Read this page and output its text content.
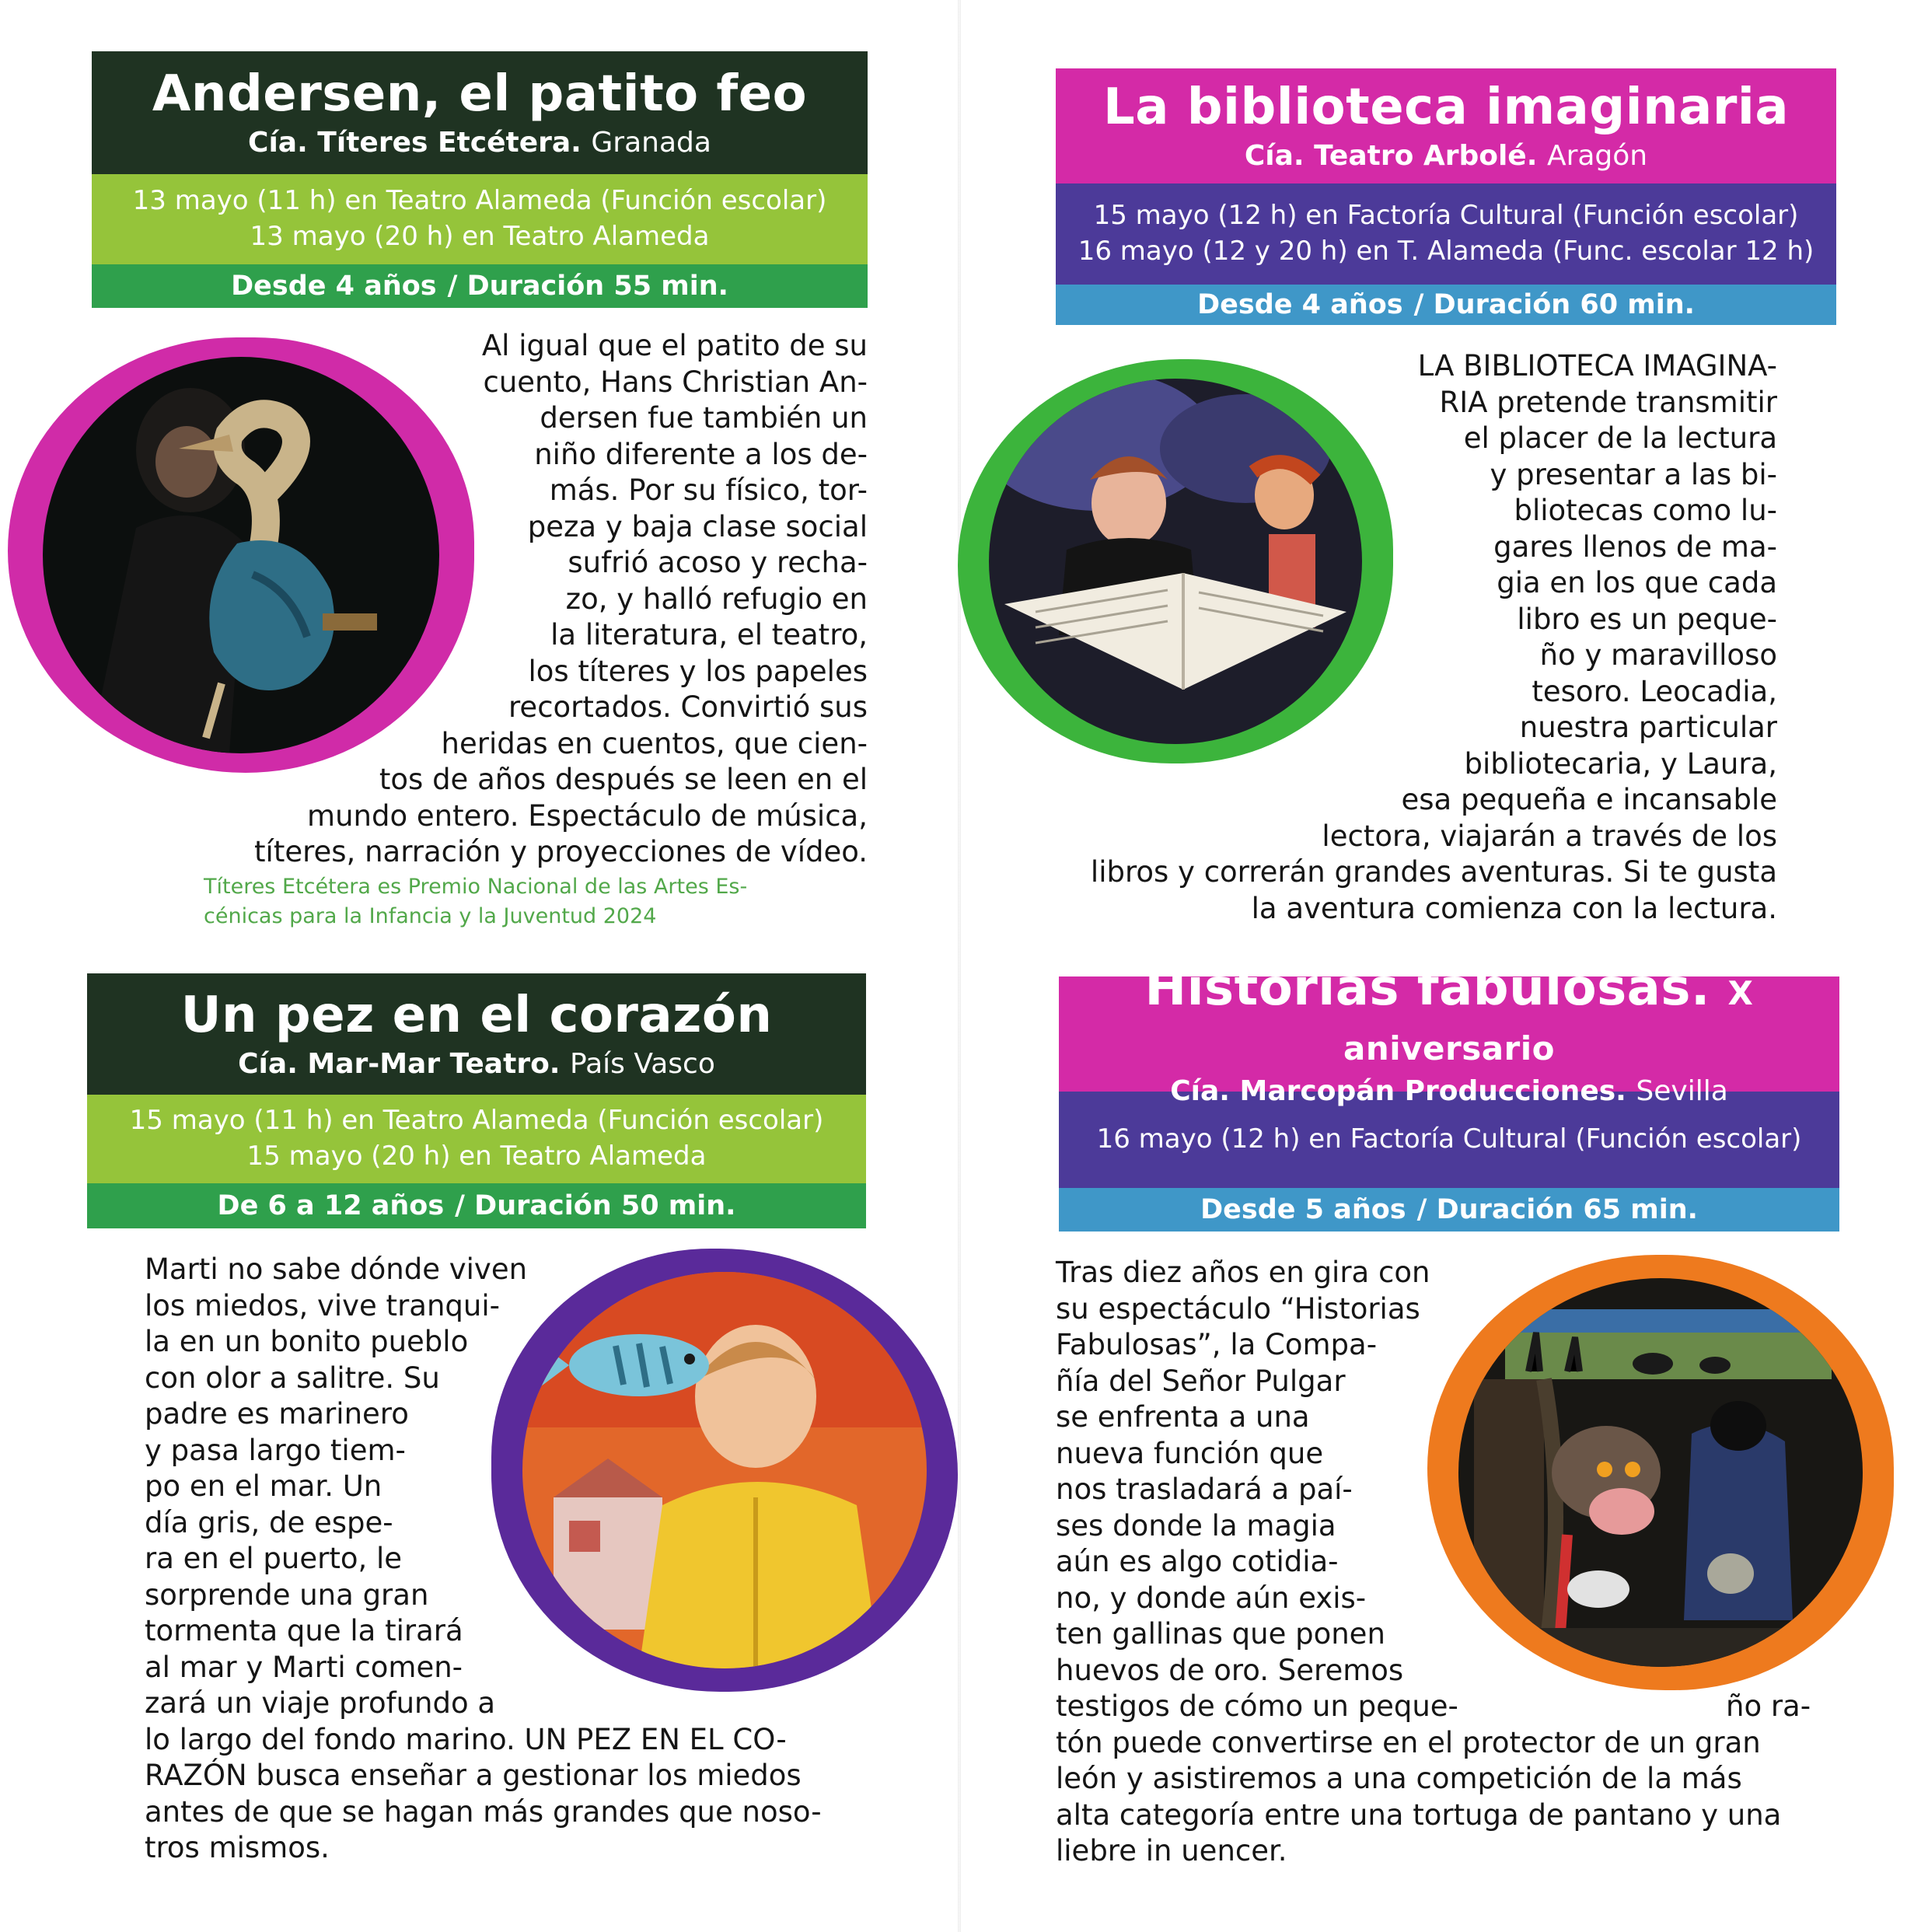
Andersen, el patito feo
Cía. Títeres Etcétera. Granada
13 mayo (11 h) en Teatro Alameda (Función escolar)
13 mayo (20 h) en Teatro Alameda
Desde 4 años / Duración 55 min.
Al igual que el patito de su
cuento, Hans Christian An-
dersen fue también un
niño diferente a los de-
más. Por su físico, tor-
peza y baja clase social
sufrió acoso y recha-
zo, y halló refugio en
la literatura, el teatro,
los títeres y los papeles
recortados. Convirtió sus
heridas en cuentos, que cien-
tos de años después se leen en el
mundo entero. Espectáculo de música,
títeres, narración y proyecciones de vídeo.
Títeres Etcétera es Premio Nacional de las Artes Es-
cénicas para la Infancia y la Juventud 2024
La biblioteca imaginaria
Cía. Teatro Arbolé. Aragón
15 mayo (12 h) en Factoría Cultural (Función escolar)
16 mayo (12 y 20 h) en T. Alameda (Func. escolar 12 h)
Desde 4 años / Duración 60 min.
LA BIBLIOTECA IMAGINA-
RIA pretende transmitir
el placer de la lectura
y presentar a las bi-
bliotecas como lu-
gares llenos de ma-
gia en los que cada
libro es un peque-
ño y maravilloso
tesoro. Leocadia,
nuestra particular
bibliotecaria, y Laura,
esa pequeña e incansable
lectora, viajarán a través de los
libros y correrán grandes aventuras. Si te gusta
la aventura comienza con la lectura.
Un pez en el corazón
Cía. Mar-Mar Teatro. País Vasco
15 mayo (11 h) en Teatro Alameda (Función escolar)
15 mayo (20 h) en Teatro Alameda
De 6 a 12 años / Duración 50 min.
Marti no sabe dónde viven
los miedos, vive tranqui-
la en un bonito pueblo
con olor a salitre. Su
padre es marinero
y pasa largo tiem-
po en el mar. Un
día gris, de espe-
ra en el puerto, le
sorprende una gran
tormenta que la tirará
al mar y Marti comen-
zará un viaje profundo a
lo largo del fondo marino. UN PEZ EN EL CO-
RAZÓN busca enseñar a gestionar los miedos
antes de que se hagan más grandes que noso-
tros mismos.
Historias fabulosas. X aniversario
Cía. Marcopán Producciones. Sevilla
16 mayo (12 h) en Factoría Cultural (Función escolar)
Desde 5 años / Duración 65 min.
Tras diez años en gira con
su espectáculo “Historias
Fabulosas”, la Compa-
ñía del Señor Pulgar
se enfrenta a una
nueva función que
nos trasladará a paí-
ses donde la magia
aún es algo cotidia-
no, y donde aún exis-
ten gallinas que ponen
huevos de oro. Seremos
testigos de cómo un peque-	ño ra-
tón puede convertirse en el protector de un gran
león y asistiremos a una competición de la más
alta categoría entre una tortuga de pantano y una
liebre in uencer.
